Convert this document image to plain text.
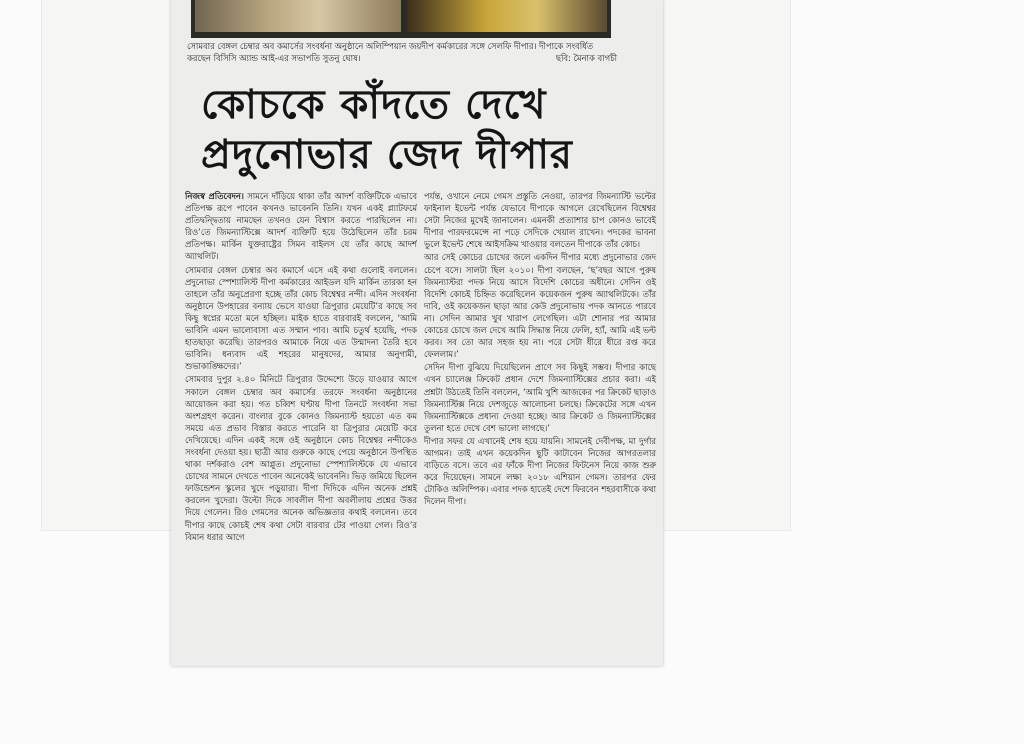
সোমবার বেঙ্গল চেম্বার অব কমার্সের সংবর্ধনা অনুষ্ঠানে অলিম্পিয়ান জয়দীপ কর্মকারের সঙ্গে সেলফি দীপার। দীপাকে সংবর্ধিত করছেন বিসিসি অ্যান্ড আই-এর সভাপতি সুতনু ঘোষ।	ছবি: মৈনাক বাগচী
কোচকে কাঁদতে দেখে
প্রদুনোভার জেদ দীপার

নিজস্ব প্রতিবেদন। সামনে দাঁড়িয়ে থাকা তাঁর আদর্শ ব্যক্তিটিকে এভাবে প্রতিপক্ষ রূপে পাবেন কখনও ভাবেননি তিনি। যখন একই প্ল্যাটফর্মে প্রতিদ্বন্দ্বিতায় নামছেন তখনও যেন বিশ্বাস করতে পারছিলেন না। রিও’তে জিমন্যাস্টিক্সে আদর্শ ব্যক্তিটি হয়ে উঠেছিলেন তাঁর চরম প্রতিপক্ষ। মার্কিন যুক্তরাষ্ট্রের সিমন বাইলস যে তাঁর কাছে আদর্শ অ্যাথলিট।

সোমবার বেঙ্গল চেম্বার অব কমার্সে এসে এই কথা গুলোই বললেন। প্রদুনোভা স্পেশ্যালিস্ট দীপা কর্মকারের আইডল যদি মার্কিন তারকা হন তাহলে তাঁর অনুপ্রেরণা হচ্ছে তাঁর কোচ বিশ্বেশ্বর নন্দী। এদিন সংবর্ধনা অনুষ্ঠানে উপহারের বন্যায় ভেসে যাওয়া ত্রিপুরার মেয়েটি’র কাছে সব কিছু স্বপ্নের মতো মনে হচ্ছিল। মাইক হাতে বারবারই বললেন, ‘আমি ভাবিনি এমন ভালোবাসা এত সম্মান পাব। আমি চতুর্থ হয়েছি, পদক হাতছাড়া করেছি। তারপরও আমাকে নিয়ে এত উন্মাদনা তৈরি হবে ভাবিনি। ধন্যবাদ এই শহরের মানুষদের, আমার অনুগামী, শুভাকাঙ্ক্ষিদের।’

সোমবার দুপুর ২.৪০ মিনিটে ত্রিপুরার উদ্দেশ্যে উড়ে যাওয়ার আগে সকালে বেঙ্গল চেম্বার অব কমার্সের তরফে সংবর্ধনা অনুষ্ঠানের আয়োজন করা হয়। গত চব্বিশ ঘণ্টায় দীপা তিনটে সংবর্ধনা সভা অংশগ্রহণ করেন। বাংলার বুকে কোনও জিমন্যাস্ট হয়তো এত কম সময়ে এত প্রভাব বিস্তার করতে পারেনি যা ত্রিপুরার মেয়েটি করে দেখিয়েছে। এদিন একই সঙ্গে ওই অনুষ্ঠানে কোচ বিশ্বেশ্বর নন্দীকেও সংবর্ধনা দেওয়া হয়। ছাত্রী আর গুরুকে কাছে পেয়ে অনুষ্ঠানে উপস্থিত থাকা দর্শকরাও বেশ আপ্লুত। প্রদুনোভা স্পেশ্যালিস্টকে যে এভাবে চোখের সামনে দেখতে পাবেন অনেকেই ভাবেননি। ভিড় জমিয়ে ছিলেন ফাউন্ডেশন স্কুলের খুদে পড়ুয়ারা। দীপা দিদিকে এদিন অনেক প্রশ্নই করলেন খুদেরা। উল্টো দিকে সাবলীল দীপা অবলীলায় প্রশ্নের উত্তর দিয়ে গেলেন। রিও গেমসের অনেক অভিজ্ঞতার কথাই বললেন। তবে দীপার কাছে কোচই শেষ কথা সেটা বারবার টের পাওয়া গেল। রিও’র বিমান ধরার আগে

পর্যন্ত, ওখানে নেমে গেমস প্রস্তুতি নেওয়া, তারপর জিমন্যাস্টি ভল্টের ফাইনাল ইভেন্ট পর্যন্ত যেভাবে দীপাকে আগলে রেখেছিলেন বিশ্বেশ্বর সেটা নিজের মুখেই জানালেন। এমনকী প্রত্যাশার চাপ কোনও ভাবেই দীপার পারফরমেন্সে না পড়ে সেদিকে খেয়াল রাখেন। পদকের ভাবনা ভুলে ইভেন্ট শেষে আইসক্রিম খাওয়ার বলতেন দীপাকে তাঁর কোচ।

আর সেই কোচের চোখের জলে একদিন দীপার মধ্যে প্রদুনোভার জেদ চেপে বসে। সালটা ছিল ২০১০। দীপা বলছেন, ‘ছ’বছর আগে পুরুষ জিমন্যাস্টরা পদক নিয়ে আসে বিদেশি কোচের অধীনে। সেদিন ওই বিদেশি কোচই চিহ্নিত করেছিলেন কয়েকজন পুরুষ অ্যাথলিটকে। তাঁর দাবি, ওই কয়েকজন ছাড়া আর কেউ প্রদুনোভায় পদক আনতে পারবে না। সেদিন আমার খুব খারাপ লেগেছিল। এটা শোনার পর আমার কোচের চোখে জল দেখে আমি সিদ্ধান্ত নিয়ে ফেলি, হ্যাঁ, আমি এই ভল্ট করব। সব তো আর সহজ হয় না। পরে সেটা ধীরে ধীরে রপ্ত করে ফেললাম।’

সেদিন দীপা বুঝিয়ে দিয়েছিলেন প্রাণে সব কিছুই সম্ভব। দীপার কাছে এখন চ্যালেঞ্জ ক্রিকেট প্রধান দেশে জিমন্যাস্টিক্সের প্রচার করা। এই প্রশ্নটা উঠতেই তিনি বললেন, ‘আমি খুশি আজকের পর ক্রিকেট ছাড়াও জিমন্যাস্টিক্স নিয়ে দেশজুড়ে আলোচনা চলছে। ক্রিকেটের সঙ্গে এখন জিমন্যাস্টিক্সকে প্রধান্য দেওয়া হচ্ছে। আর ক্রিকেট ও জিমন্যাস্টিক্সের তুলনা হতে দেখে বেশ ভালো লাগছে।’

দীপার সফর যে এখানেই শেষ হয়ে যায়নি। সামনেই দেবীপক্ষ, মা দুর্গার আগমন। তাই এখন কয়েকদিন ছুটি কাটাবেন নিজের আগরতলার বাড়িতে বসে। তবে এর ফাঁকে দীপা নিজের ফিটনেস নিয়ে কাজ শুরু করে দিয়েছেন। সামনে লক্ষ্য ২০১৮ এশিয়ান গেমস। তারপর ফের টোকিও অলিম্পিক। এবার পদক হাতেই দেশে ফিরবেন শহরবাসীকে কথা দিলেন দীপা।
